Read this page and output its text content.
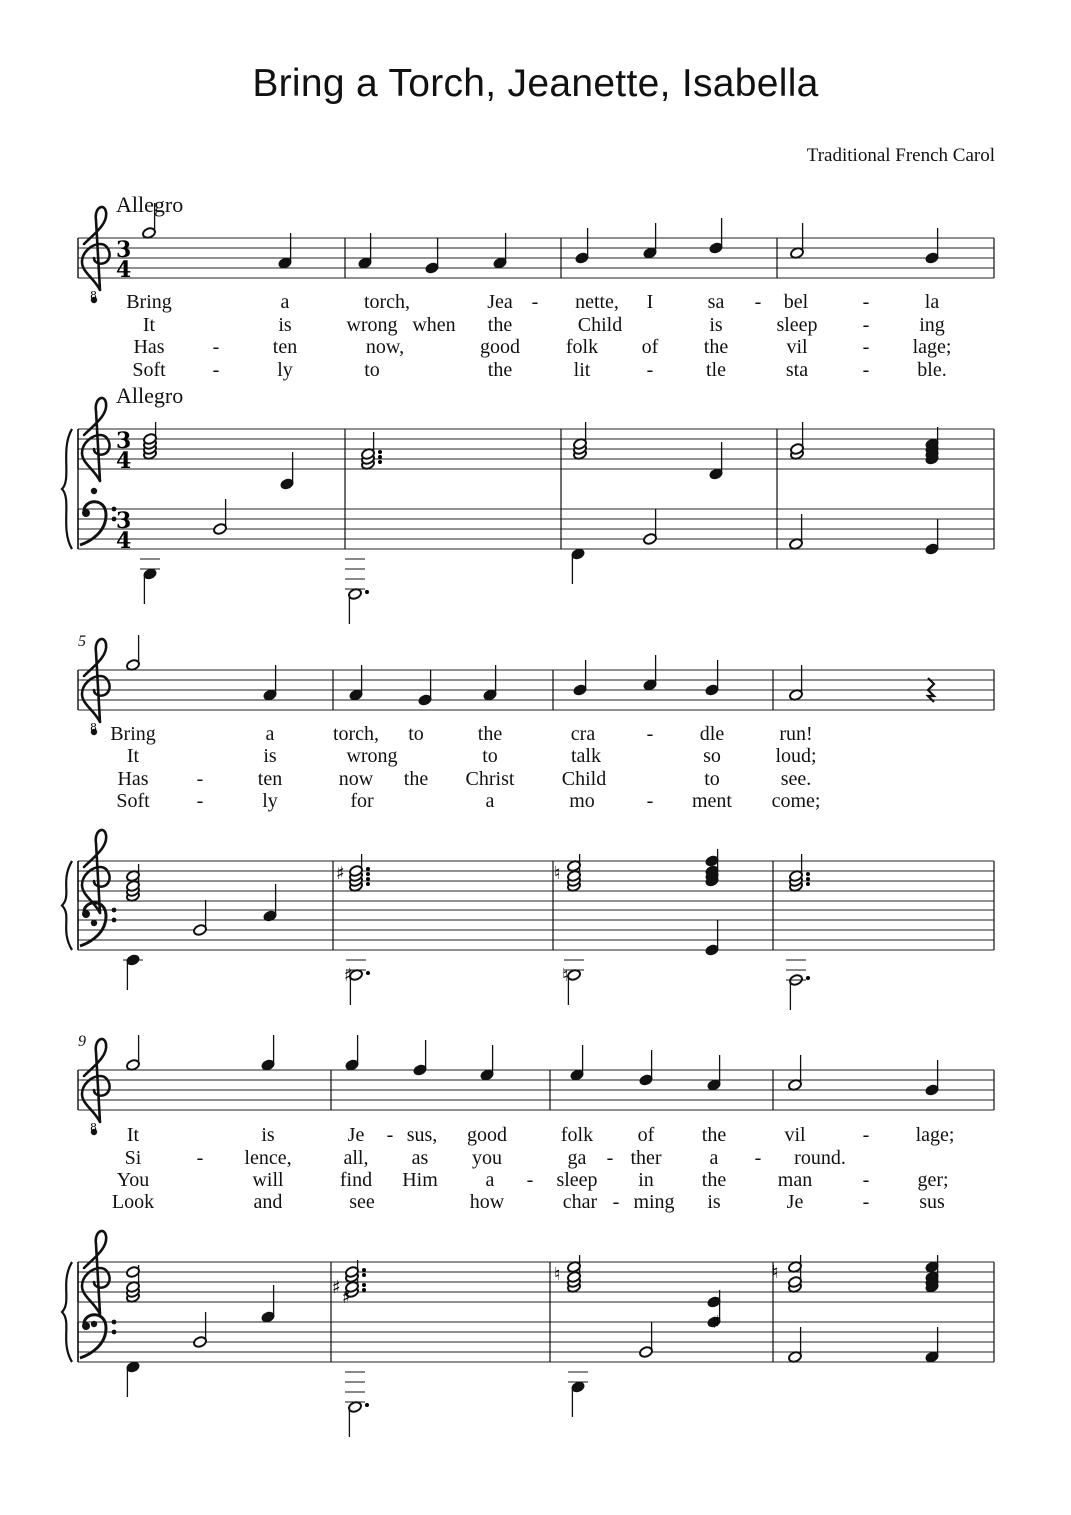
Bring a Torch, Jeanette, Isabella
Traditional French Carol
Allegro
Allegro
5
9
Bring	a	torch,	Jea	nette, I	sa	bel	la
It	is	wrong when the	Child	is	sleep	ing
Has	ten	now,	good folk of the	vil	lage;
Soft	ly	to	the	lit	tle	sta	ble.
Bring	a	torch, to	the	cra	dle	run!
It	is	wrong	to	talk	so	loud;
Has	ten	now the Christ Child	to	see.
Soft	ly	for	a	mo	ment come;
It	is	Je sus, good	folk of the	vil	lage;
Si	lence,	all, as you	ga ther a	round.
You	will	find Him a	sleep in the	man	ger;
Look	and	see	how	char ming is	Je	sus
-	-	-
-
-	-
-	-	-
-
-
-	-
-	-
-	-	-
-	-
-
-
8
3
4
3
4
3
4
8
8
♯	♮
♯
♯
♮
♯
♮
♯	♮
